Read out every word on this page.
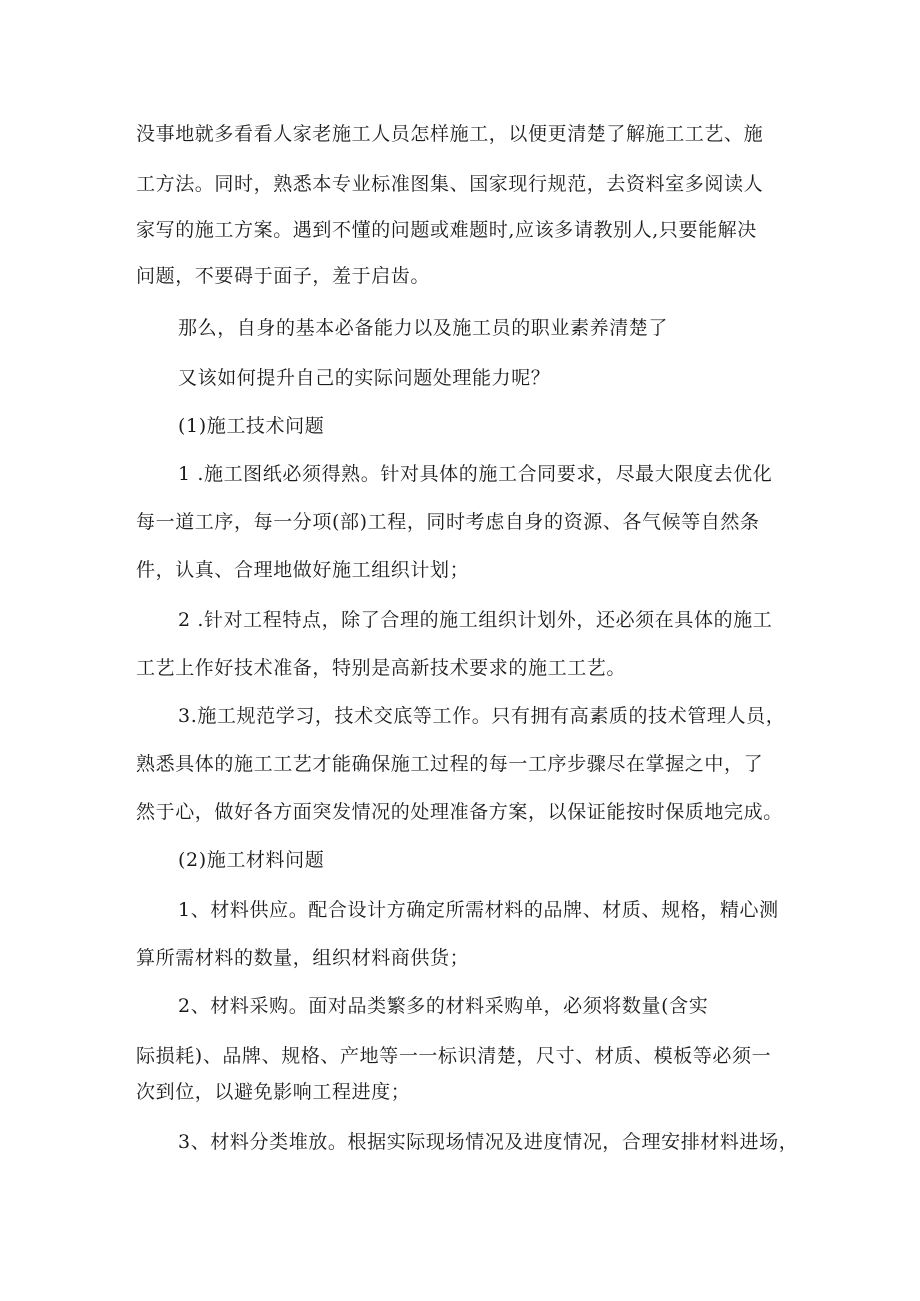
没事地就多看看人家老施工人员怎样施工，以便更清楚了解施工工艺、施
工方法。同时，熟悉本专业标准图集、国家现行规范，去资料室多阅读人
家写的施工方案。遇到不懂的问题或难题时,应该多请教别人,只要能解决
问题，不要碍于面子，羞于启齿。
那么，自身的基本必备能力以及施工员的职业素养清楚了
又该如何提升自己的实际问题处理能力呢？
(1)施工技术问题
1 .施工图纸必须得熟。针对具体的施工合同要求，尽最大限度去优化
每一道工序，每一分项(部)工程，同时考虑自身的资源、各气候等自然条
件，认真、合理地做好施工组织计划；
2 .针对工程特点，除了合理的施工组织计划外，还必须在具体的施工
工艺上作好技术准备，特别是高新技术要求的施工工艺。
3.施工规范学习，技术交底等工作。只有拥有高素质的技术管理人员，
熟悉具体的施工工艺才能确保施工过程的每一工序步骤尽在掌握之中，了
然于心，做好各方面突发情况的处理准备方案，以保证能按时保质地完成。
(2)施工材料问题
1、材料供应。配合设计方确定所需材料的品牌、材质、规格，精心测
算所需材料的数量，组织材料商供货；
2、材料采购。面对品类繁多的材料采购单，必须将数量(含实
际损耗)、品牌、规格、产地等一一标识清楚，尺寸、材质、模板等必须一
次到位，以避免影响工程进度；
3、材料分类堆放。根据实际现场情况及进度情况，合理安排材料进场，
